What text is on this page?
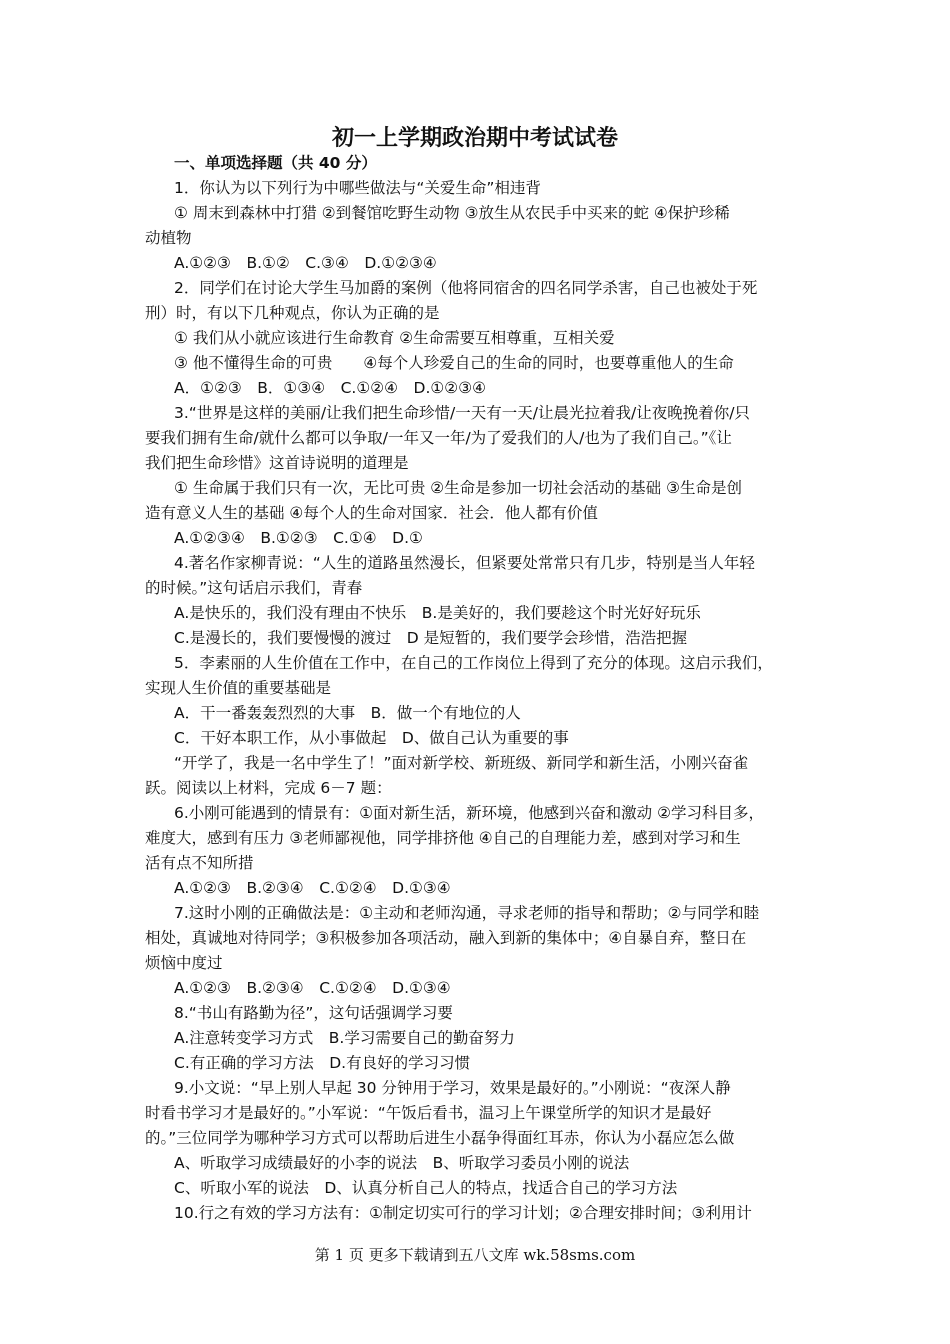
初一上学期政治期中考试试卷
一、单项选择题（共 40 分）
1．你认为以下列行为中哪些做法与“关爱生命”相违背
① 周末到森林中打猎 ②到餐馆吃野生动物 ③放生从农民手中买来的蛇 ④保护珍稀
动植物
A.①②③　B.①②　C.③④　D.①②③④
2．同学们在讨论大学生马加爵的案例（他将同宿舍的四名同学杀害，自己也被处于死
刑）时，有以下几种观点，你认为正确的是
① 我们从小就应该进行生命教育 ②生命需要互相尊重，互相关爱
③ 他不懂得生命的可贵　　④每个人珍爱自己的生命的同时，也要尊重他人的生命
A．①②③　B．①③④　C.①②④　D.①②③④
3.“世界是这样的美丽/让我们把生命珍惜/一天有一天/让晨光拉着我/让夜晚挽着你/只
要我们拥有生命/就什么都可以争取/一年又一年/为了爱我们的人/也为了我们自己。”《让
我们把生命珍惜》这首诗说明的道理是
① 生命属于我们只有一次，无比可贵 ②生命是参加一切社会活动的基础 ③生命是创
造有意义人生的基础 ④每个人的生命对国家．社会．他人都有价值
A.①②③④　B.①②③　C.①④　D.①
4.著名作家柳青说：“人生的道路虽然漫长，但紧要处常常只有几步，特别是当人年轻
的时候。”这句话启示我们，青春
A.是快乐的，我们没有理由不快乐　B.是美好的，我们要趁这个时光好好玩乐
C.是漫长的，我们要慢慢的渡过　D 是短暂的，我们要学会珍惜，浩浩把握
5．李素丽的人生价值在工作中，在自己的工作岗位上得到了充分的体现。这启示我们，
实现人生价值的重要基础是
A．干一番轰轰烈烈的大事　B．做一个有地位的人
C．干好本职工作，从小事做起　D、做自己认为重要的事
“开学了，我是一名中学生了！”面对新学校、新班级、新同学和新生活，小刚兴奋雀
跃。阅读以上材料，完成 6－7 题：
6.小刚可能遇到的情景有：①面对新生活，新环境，他感到兴奋和激动 ②学习科目多，
难度大，感到有压力 ③老师鄙视他，同学排挤他 ④自己的自理能力差，感到对学习和生
活有点不知所措
A.①②③　B.②③④　C.①②④　D.①③④
7.这时小刚的正确做法是：①主动和老师沟通，寻求老师的指导和帮助；②与同学和睦
相处，真诚地对待同学；③积极参加各项活动，融入到新的集体中；④自暴自弃，整日在
烦恼中度过
A.①②③　B.②③④　C.①②④　D.①③④
8.“书山有路勤为径”，这句话强调学习要
A.注意转变学习方式　B.学习需要自己的勤奋努力
C.有正确的学习方法　D.有良好的学习习惯
9.小文说：“早上别人早起 30 分钟用于学习，效果是最好的。”小刚说：“夜深人静
时看书学习才是最好的。”小军说：“午饭后看书，温习上午课堂所学的知识才是最好
的。”三位同学为哪种学习方式可以帮助后进生小磊争得面红耳赤，你认为小磊应怎么做
A、听取学习成绩最好的小李的说法　B、听取学习委员小刚的说法
C、听取小军的说法　D、认真分析自己人的特点，找适合自己的学习方法
10.行之有效的学习方法有：①制定切实可行的学习计划；②合理安排时间；③利用计
第 1 页 更多下载请到五八文库 wk.58sms.com
